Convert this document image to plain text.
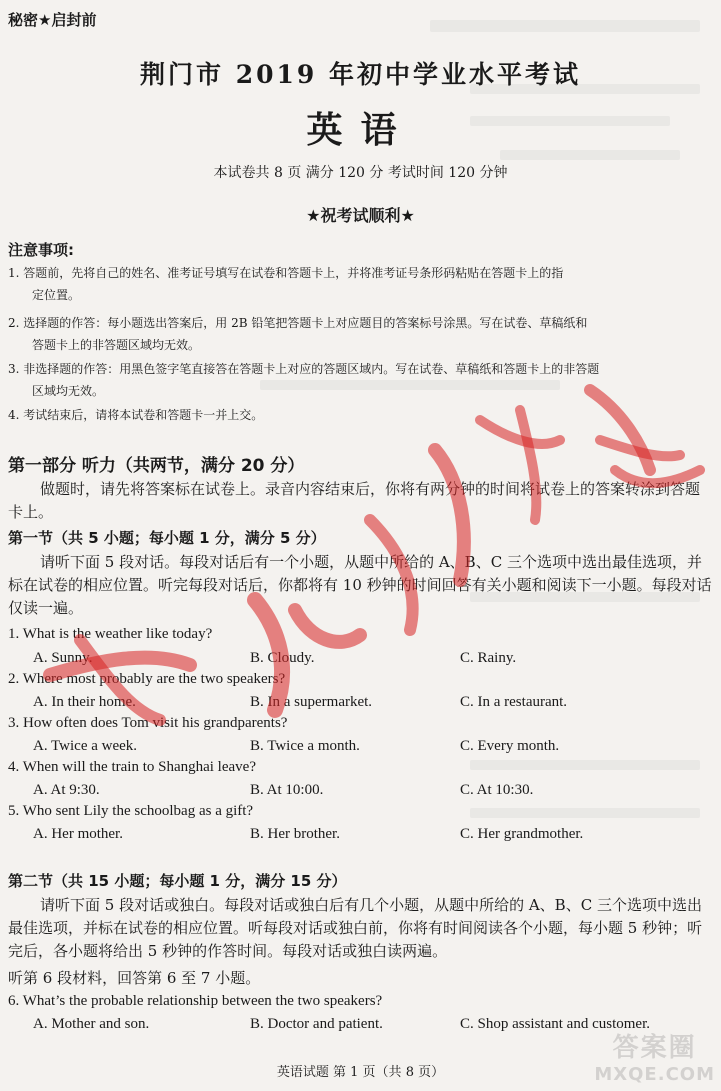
秘密★启封前
荆门市 2019 年初中学业水平考试
英语
本试卷共 8 页 满分 120 分 考试时间 120 分钟
★祝考试顺利★
注意事项:
1. 答题前，先将自己的姓名、准考证号填写在试卷和答题卡上，并将准考证号条形码粘贴在答题卡上的指
定位置。
2. 选择题的作答：每小题选出答案后，用 2B 铅笔把答题卡上对应题目的答案标号涂黑。写在试卷、草稿纸和
答题卡上的非答题区域均无效。
3. 非选择题的作答：用黑色签字笔直接答在答题卡上对应的答题区域内。写在试卷、草稿纸和答题卡上的非答题
区域均无效。
4. 考试结束后，请将本试卷和答题卡一并上交。
第一部分 听力（共两节，满分 20 分）
做题时，请先将答案标在试卷上。录音内容结束后，你将有两分钟的时间将试卷上的答案转涂到答题卡上。
第一节（共 5 小题；每小题 1 分，满分 5 分）
请听下面 5 段对话。每段对话后有一个小题，从题中所给的 A、B、C 三个选项中选出最佳选项，并标在试卷的相应位置。听完每段对话后，你都将有 10 秒钟的时间回答有关小题和阅读下一小题。每段对话仅读一遍。
1. What is the weather like today?
A. Sunny.	B. Cloudy.	C. Rainy.
2. Where most probably are the two speakers?
A. In their home.	B. In a supermarket.	C. In a restaurant.
3. How often does Tom visit his grandparents?
A. Twice a week.	B. Twice a month.	C. Every month.
4. When will the train to Shanghai leave?
A. At 9:30.	B. At 10:00.	C. At 10:30.
5. Who sent Lily the schoolbag as a gift?
A. Her mother.	B. Her brother.	C. Her grandmother.
第二节（共 15 小题；每小题 1 分，满分 15 分）
请听下面 5 段对话或独白。每段对话或独白后有几个小题，从题中所给的 A、B、C 三个选项中选出最佳选项，并标在试卷的相应位置。听每段对话或独白前，你将有时间阅读各个小题，每小题 5 秒钟；听完后，各小题将给出 5 秒钟的作答时间。每段对话或独白读两遍。
听第 6 段材料，回答第 6 至 7 小题。
6. What’s the probable relationship between the two speakers?
A. Mother and son.	B. Doctor and patient.	C. Shop assistant and customer.
英语试题 第 1 页（共 8 页）
答案圈
MXQE.COM
